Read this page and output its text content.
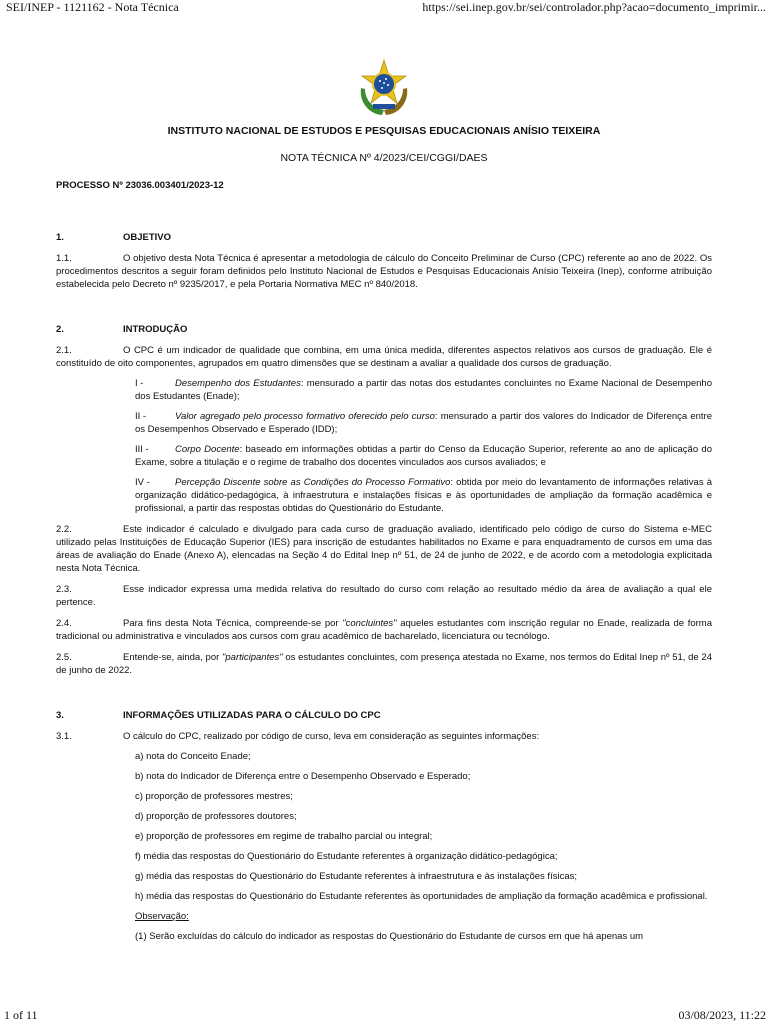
SEI/INEP - 1121162 - Nota Técnica	https://sei.inep.gov.br/sei/controlador.php?acao=documento_imprimir...
INSTITUTO NACIONAL DE ESTUDOS E PESQUISAS EDUCACIONAIS ANÍSIO TEIXEIRA
NOTA TÉCNICA Nº 4/2023/CEI/CGGI/DAES
PROCESSO Nº 23036.003401/2023-12
1.	OBJETIVO
1.1.	O objetivo desta Nota Técnica é apresentar a metodologia de cálculo do Conceito Preliminar de Curso (CPC) referente ao ano de 2022. Os procedimentos descritos a seguir foram definidos pelo Instituto Nacional de Estudos e Pesquisas Educacionais Anísio Teixeira (Inep), conforme atribuição estabelecida pelo Decreto nº 9235/2017, e pela Portaria Normativa MEC nº 840/2018.
2.	INTRODUÇÃO
2.1.	O CPC é um indicador de qualidade que combina, em uma única medida, diferentes aspectos relativos aos cursos de graduação. Ele é constituído de oito componentes, agrupados em quatro dimensões que se destinam a avaliar a qualidade dos cursos de graduação.
I -	Desempenho dos Estudantes: mensurado a partir das notas dos estudantes concluintes no Exame Nacional de Desempenho dos Estudantes (Enade);
II -	Valor agregado pelo processo formativo oferecido pelo curso: mensurado a partir dos valores do Indicador de Diferença entre os Desempenhos Observado e Esperado (IDD);
III -	Corpo Docente: baseado em informações obtidas a partir do Censo da Educação Superior, referente ao ano de aplicação do Exame, sobre a titulação e o regime de trabalho dos docentes vinculados aos cursos avaliados; e
IV -	Percepção Discente sobre as Condições do Processo Formativo: obtida por meio do levantamento de informações relativas à organização didático-pedagógica, à infraestrutura e instalações físicas e às oportunidades de ampliação da formação acadêmica e profissional, a partir das respostas obtidas do Questionário do Estudante.
2.2.	Este indicador é calculado e divulgado para cada curso de graduação avaliado, identificado pelo código de curso do Sistema e-MEC utilizado pelas Instituições de Educação Superior (IES) para inscrição de estudantes habilitados no Exame e para enquadramento de cursos em uma das áreas de avaliação do Enade (Anexo A), elencadas na Seção 4 do Edital Inep nº 51, de 24 de junho de 2022, e de acordo com a metodologia explicitada nesta Nota Técnica.
2.3.	Esse indicador expressa uma medida relativa do resultado do curso com relação ao resultado médio da área de avaliação a qual ele pertence.
2.4.	Para fins desta Nota Técnica, compreende-se por "concluintes" aqueles estudantes com inscrição regular no Enade, realizada de forma tradicional ou administrativa e vinculados aos cursos com grau acadêmico de bacharelado, licenciatura ou tecnólogo.
2.5.	Entende-se, ainda, por "participantes" os estudantes concluintes, com presença atestada no Exame, nos termos do Edital Inep nº 51, de 24 de junho de 2022.
3.	INFORMAÇÕES UTILIZADAS PARA O CÁLCULO DO CPC
3.1.	O cálculo do CPC, realizado por código de curso, leva em consideração as seguintes informações:
a) nota do Conceito Enade;
b) nota do Indicador de Diferença entre o Desempenho Observado e Esperado;
c) proporção de professores mestres;
d) proporção de professores doutores;
e) proporção de professores em regime de trabalho parcial ou integral;
f) média das respostas do Questionário do Estudante referentes à organização didático-pedagógica;
g) média das respostas do Questionário do Estudante referentes à infraestrutura e às instalações físicas;
h) média das respostas do Questionário do Estudante referentes às oportunidades de ampliação da formação acadêmica e profissional.
Observação:
(1) Serão excluídas do cálculo do indicador as respostas do Questionário do Estudante de cursos em que há apenas um
1 of 11	03/08/2023, 11:22
